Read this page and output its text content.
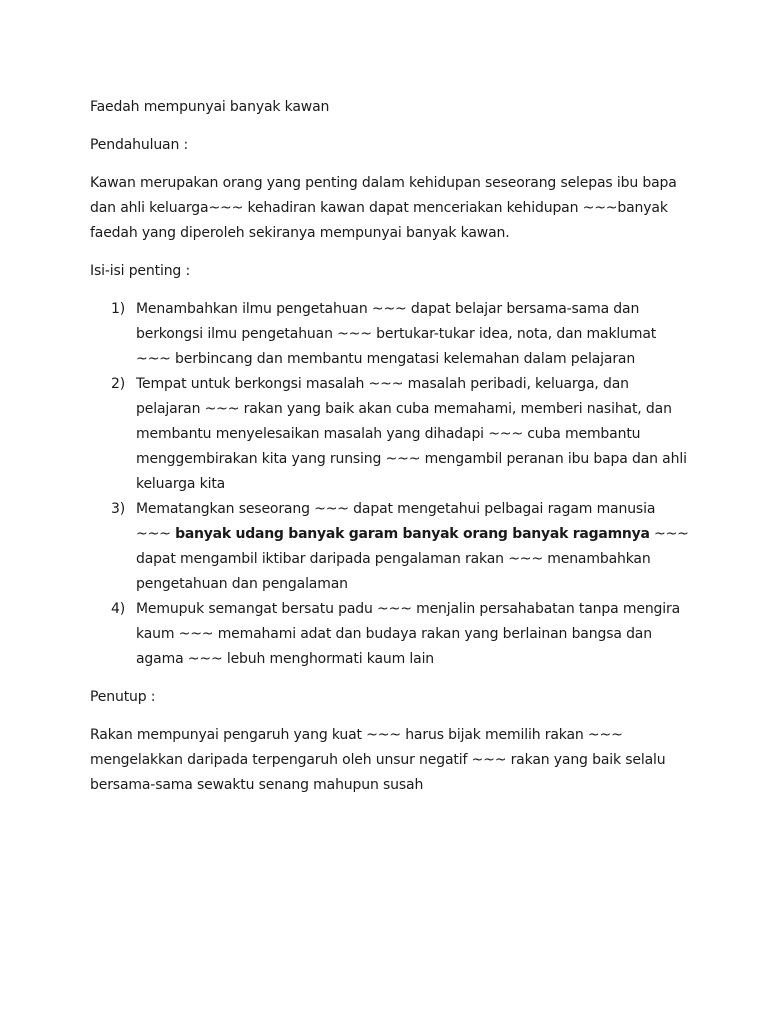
Faedah mempunyai banyak kawan

Pendahuluan :

Kawan merupakan orang yang penting dalam kehidupan seseorang selepas ibu bapa dan ahli keluarga~~~ kehadiran kawan dapat menceriakan kehidupan ~~~banyak faedah yang diperoleh sekiranya mempunyai banyak kawan.

Isi-isi penting :

1) Menambahkan ilmu pengetahuan ~~~ dapat belajar bersama-sama dan berkongsi ilmu pengetahuan ~~~ bertukar-tukar idea, nota, dan maklumat ~~~ berbincang dan membantu mengatasi kelemahan dalam pelajaran
2) Tempat untuk berkongsi masalah ~~~ masalah peribadi, keluarga, dan pelajaran ~~~ rakan yang baik akan cuba memahami, memberi nasihat, dan membantu menyelesaikan masalah yang dihadapi ~~~ cuba membantu menggembirakan kita yang runsing ~~~ mengambil peranan ibu bapa dan ahli keluarga kita
3) Mematangkan seseorang ~~~ dapat mengetahui pelbagai ragam manusia ~~~ banyak udang banyak garam banyak orang banyak ragamnya ~~~ dapat mengambil iktibar daripada pengalaman rakan ~~~ menambahkan pengetahuan dan pengalaman
4) Memupuk semangat bersatu padu ~~~ menjalin persahabatan tanpa mengira kaum ~~~ memahami adat dan budaya rakan yang berlainan bangsa dan agama ~~~ lebuh menghormati kaum lain

Penutup :

Rakan mempunyai pengaruh yang kuat ~~~ harus bijak memilih rakan ~~~ mengelakkan daripada terpengaruh oleh unsur negatif ~~~ rakan yang baik selalu bersama-sama sewaktu senang mahupun susah
